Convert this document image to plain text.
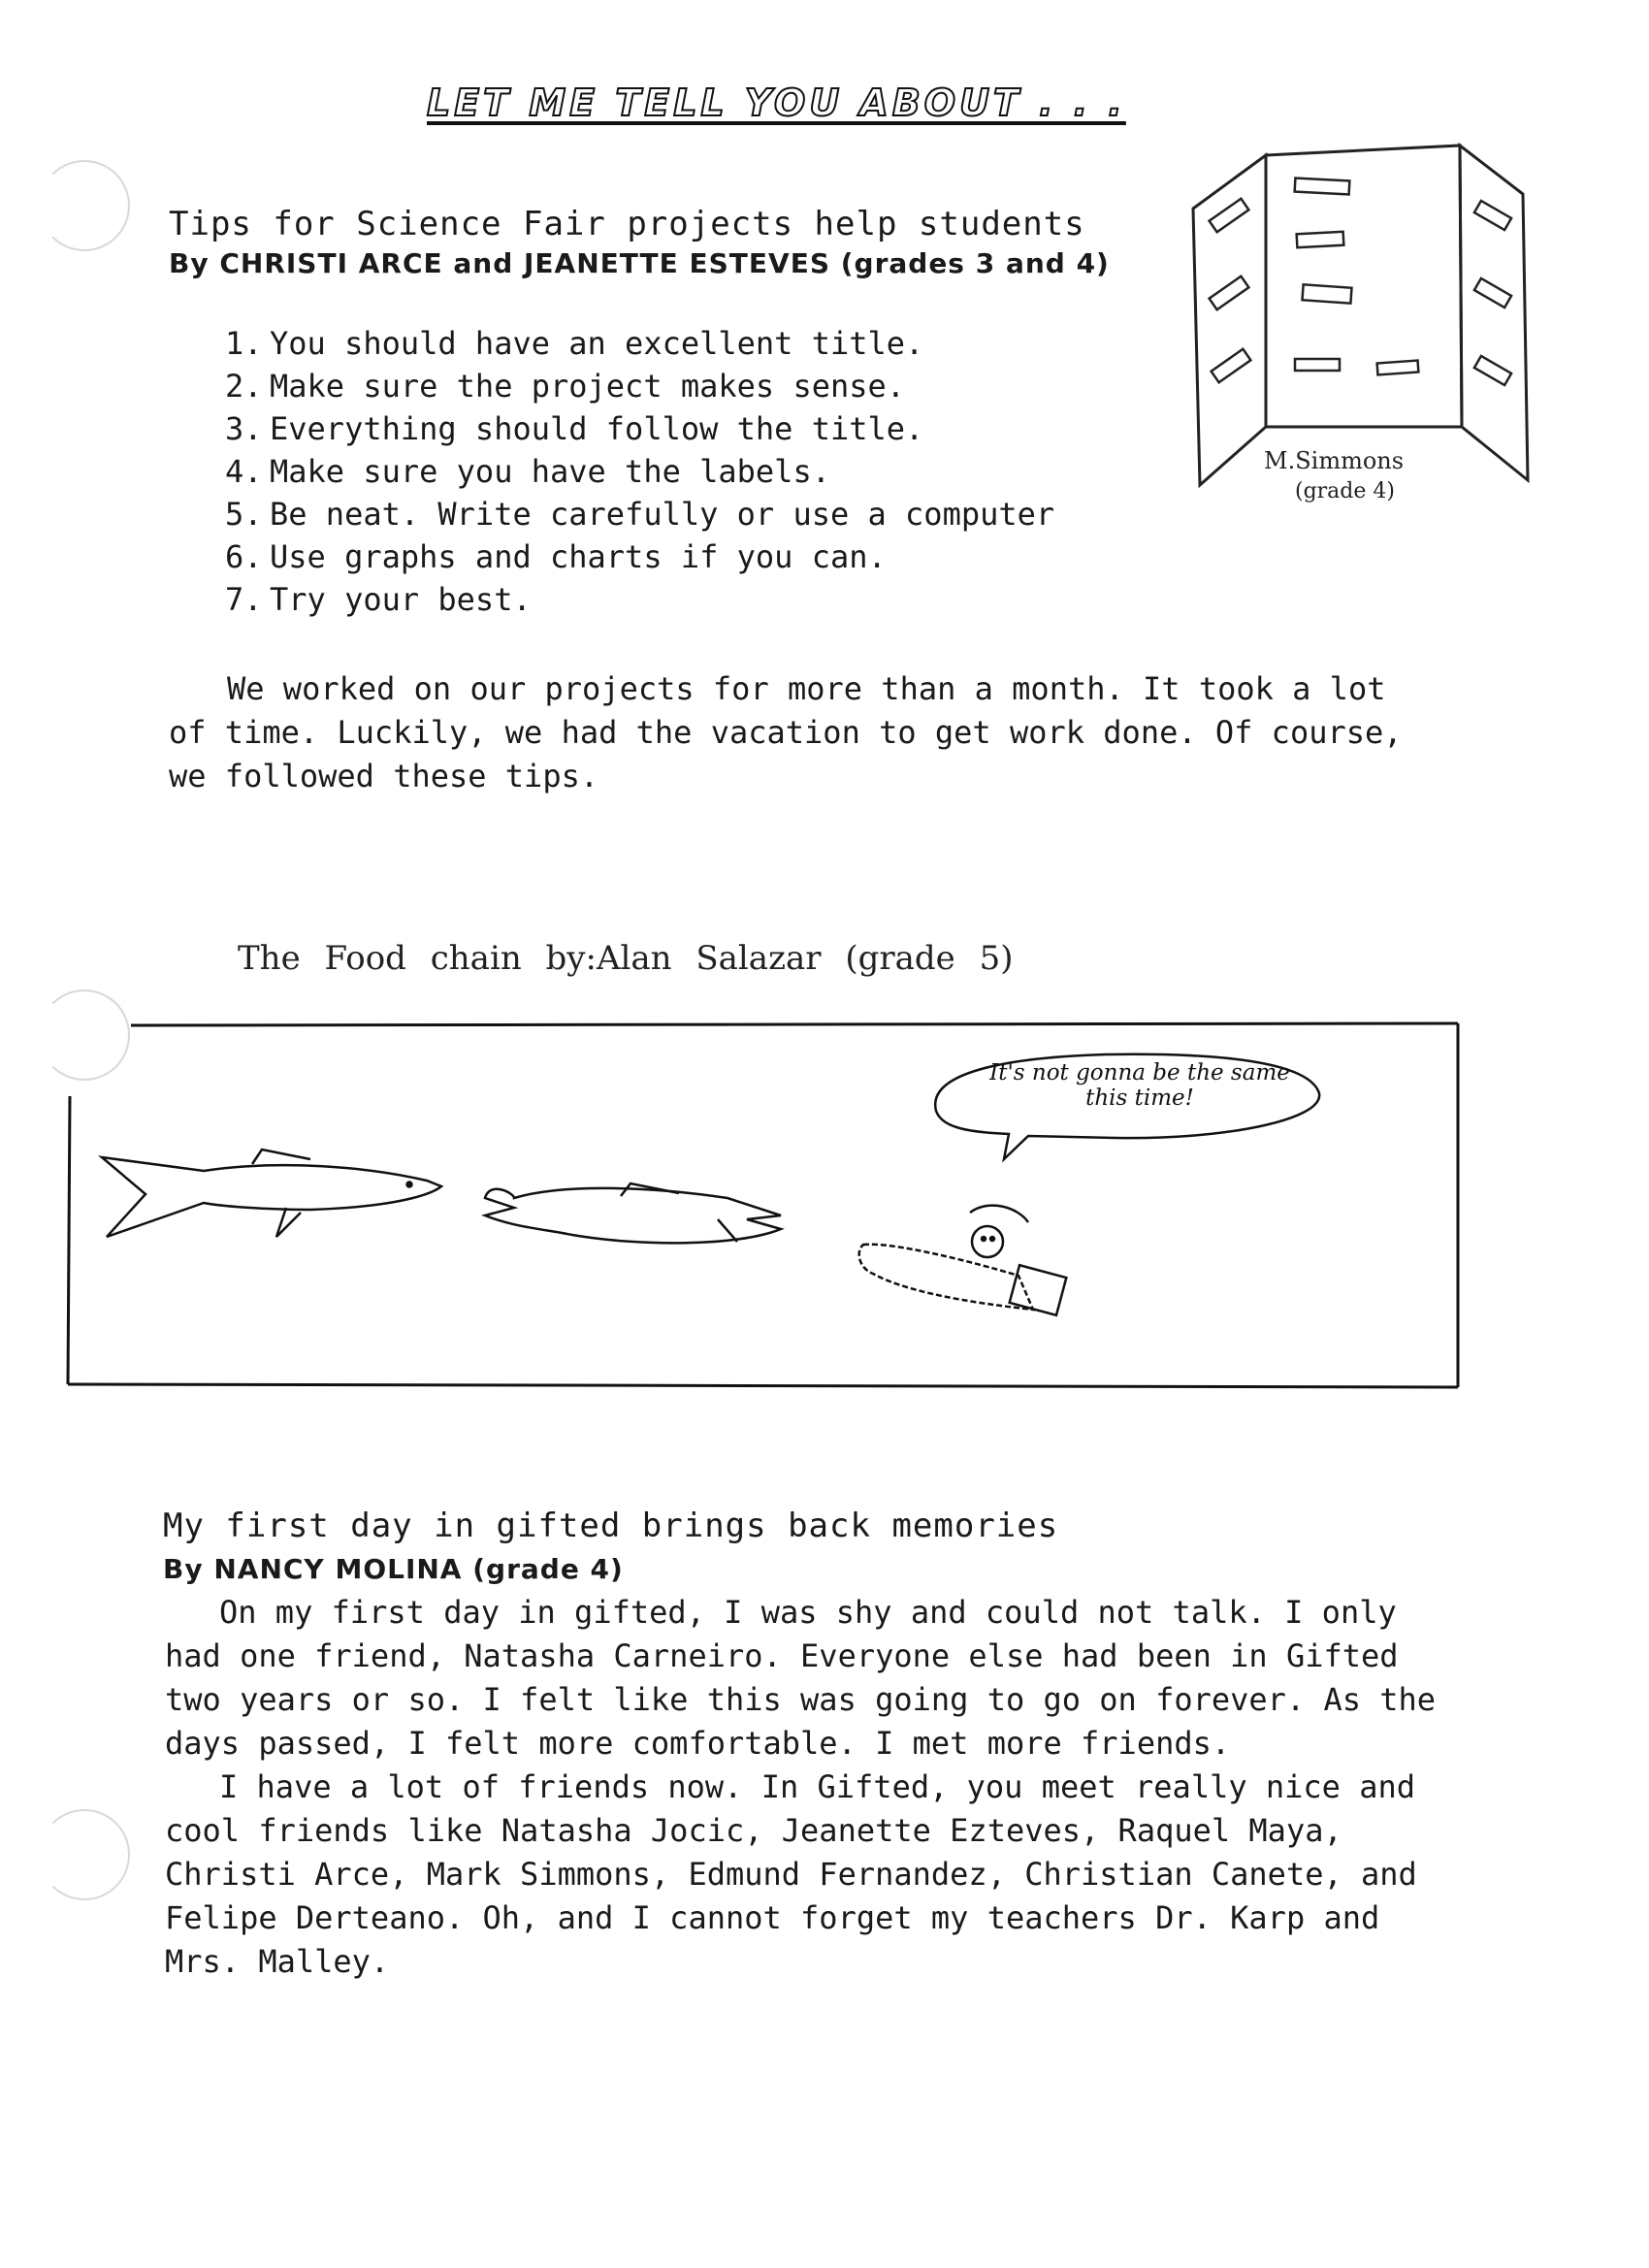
LET ME TELL YOU ABOUT . . .
Tips for Science Fair projects help students
By CHRISTI ARCE and JEANETTE ESTEVES (grades 3 and 4)
1. You should have an excellent title.
2. Make sure the project makes sense.
3. Everything should follow the title.
4. Make sure you have the labels.
5. Be neat. Write carefully or use a computer
6. Use graphs and charts if you can.
7. Try your best.

We worked on our projects for more than a month. It took a lot of time. Luckily, we had the vacation to get work done. Of course, we followed these tips.

M.Simmons
(grade 4)
The Food chain by:Alan Salazar (grade 5)
It's not gonna be the same this time!
My first day in gifted brings back memories
By NANCY MOLINA (grade 4)

On my first day in gifted, I was shy and could not talk. I only had one friend, Natasha Carneiro. Everyone else had been in Gifted two years or so. I felt like this was going to go on forever. As the days passed, I felt more comfortable. I met more friends.

I have a lot of friends now. In Gifted, you meet really nice and cool friends like Natasha Jocic, Jeanette Ezteves, Raquel Maya, Christi Arce, Mark Simmons, Edmund Fernandez, Christian Canete, and Felipe Derteano. Oh, and I cannot forget my teachers Dr. Karp and Mrs. Malley.
